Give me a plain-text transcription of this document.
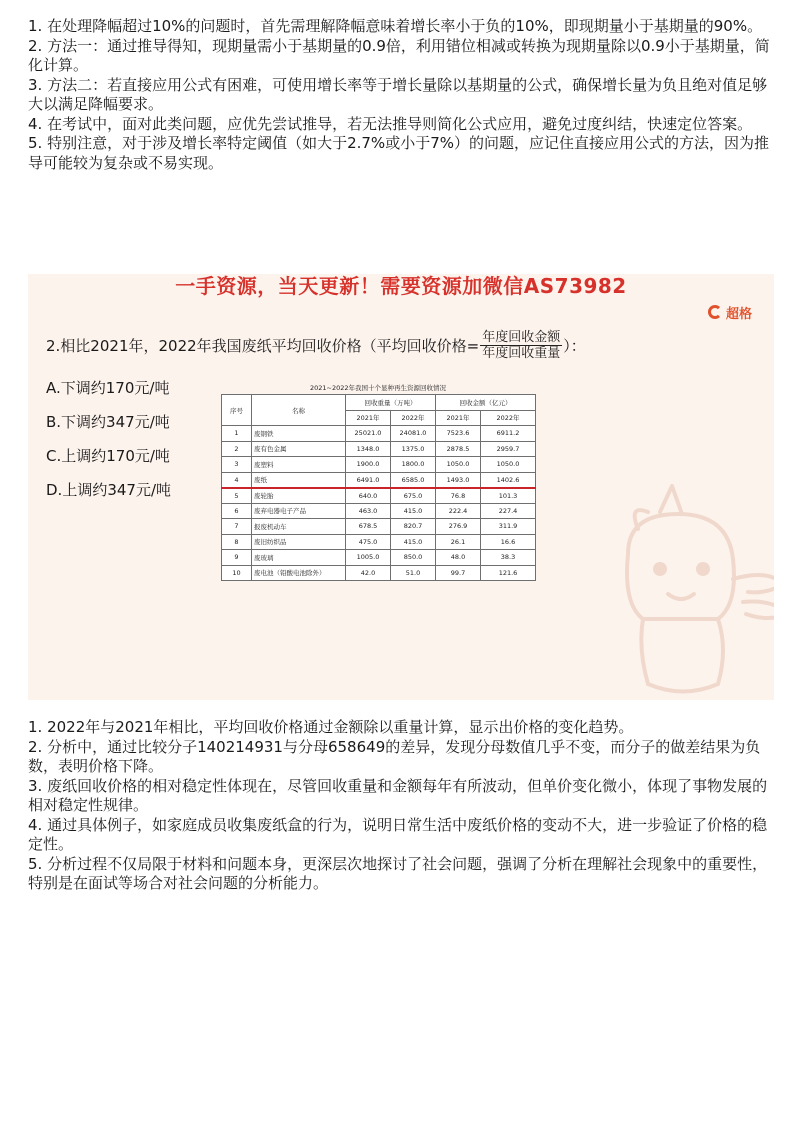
1. 在处理降幅超过10%的问题时，首先需理解降幅意味着增长率小于负的10%，即现期量小于基期量的90%。

2. 方法一：通过推导得知，现期量需小于基期量的0.9倍，利用错位相减或转换为现期量除以0.9小于基期量，简化计算。

3. 方法二：若直接应用公式有困难，可使用增长率等于增长量除以基期量的公式，确保增长量为负且绝对值足够大以满足降幅要求。

4. 在考试中，面对此类问题，应优先尝试推导，若无法推导则简化公式应用，避免过度纠结，快速定位答案。

5. 特别注意，对于涉及增长率特定阈值（如大于2.7%或小于7%）的问题，应记住直接应用公式的方法，因为推导可能较为复杂或不易实现。

一手资源，当天更新！需要资源加微信AS73982
超格
2.相比2021年，2022年我国废纸平均回收价格（平均回收价格= $\frac{\text{年度回收金额}}{\text{年度回收重量}}$ ）：
A.下调约170元/吨
B.下调约347元/吨
C.上调约170元/吨
D.上调约347元/吨
2021~2022年我国十个显种再生资源回收情况
序号	名称	回收重量（万吨）		回收金额（亿元）	
		2021年	2022年	2021年	2022年
1	废钢铁	25021.0	24081.0	7523.6	6911.2
2	废有色金属	1348.0	1375.0	2878.5	2959.7
3	废塑料	1900.0	1800.0	1050.0	1050.0
4	废纸	6491.0	6585.0	1493.0	1402.6
5	废轮胎	640.0	675.0	76.8	101.3
6	废弃电器电子产品	463.0	415.0	222.4	227.4
7	报废机动车	678.5	820.7	276.9	311.9
8	废旧纺织品	475.0	415.0	26.1	16.6
9	废玻璃	1005.0	850.0	48.0	38.3
10	废电池（铅酸电池除外）	42.0	51.0	99.7	121.6

1. 2022年与2021年相比，平均回收价格通过金额除以重量计算，显示出价格的变化趋势。

2. 分析中，通过比较分子140214931与分母658649的差异，发现分母数值几乎不变，而分子的做差结果为负数，表明价格下降。

3. 废纸回收价格的相对稳定性体现在，尽管回收重量和金额每年有所波动，但单价变化微小，体现了事物发展的相对稳定性规律。

4. 通过具体例子，如家庭成员收集废纸盒的行为，说明日常生活中废纸价格的变动不大，进一步验证了价格的稳定性。

5. 分析过程不仅局限于材料和问题本身，更深层次地探讨了社会问题，强调了分析在理解社会现象中的重要性，特别是在面试等场合对社会问题的分析能力。
